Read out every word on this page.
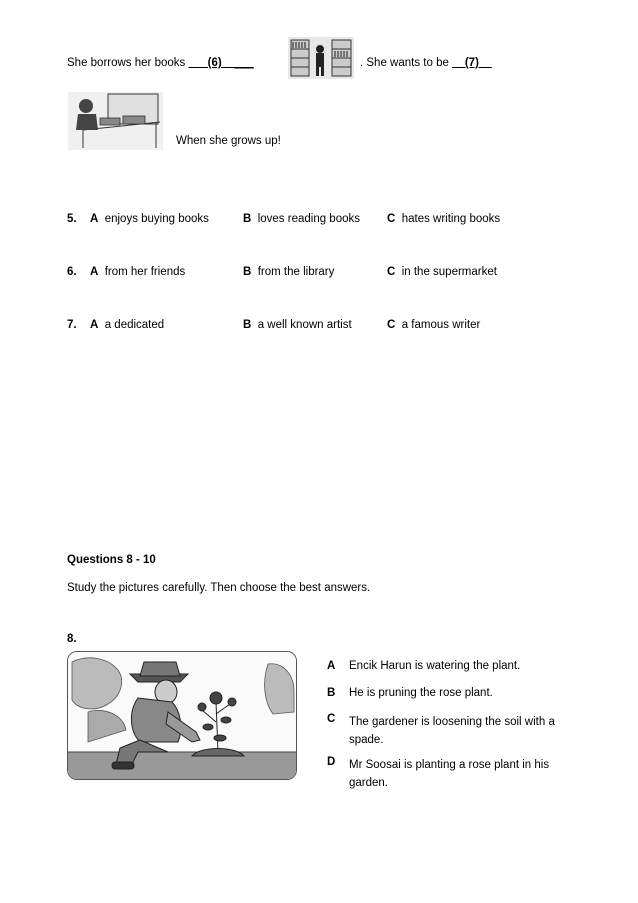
She borrows her books ___(6)_____	. She wants to be __(7)__
When she grows up!
5. A enjoys buying books	B loves reading books C hates writing books
6. A from her friends	B from the library	C in the supermarket
7. A a dedicated	B a well known artist	C a famous writer
Questions 8 - 10
Study the pictures carefully. Then choose the best answers.
8.
A Encik Harun is watering the plant.
B He is pruning the rose plant.
C The gardener is loosening the soil with a spade.
D Mr Soosai is planting a rose plant in his garden.
